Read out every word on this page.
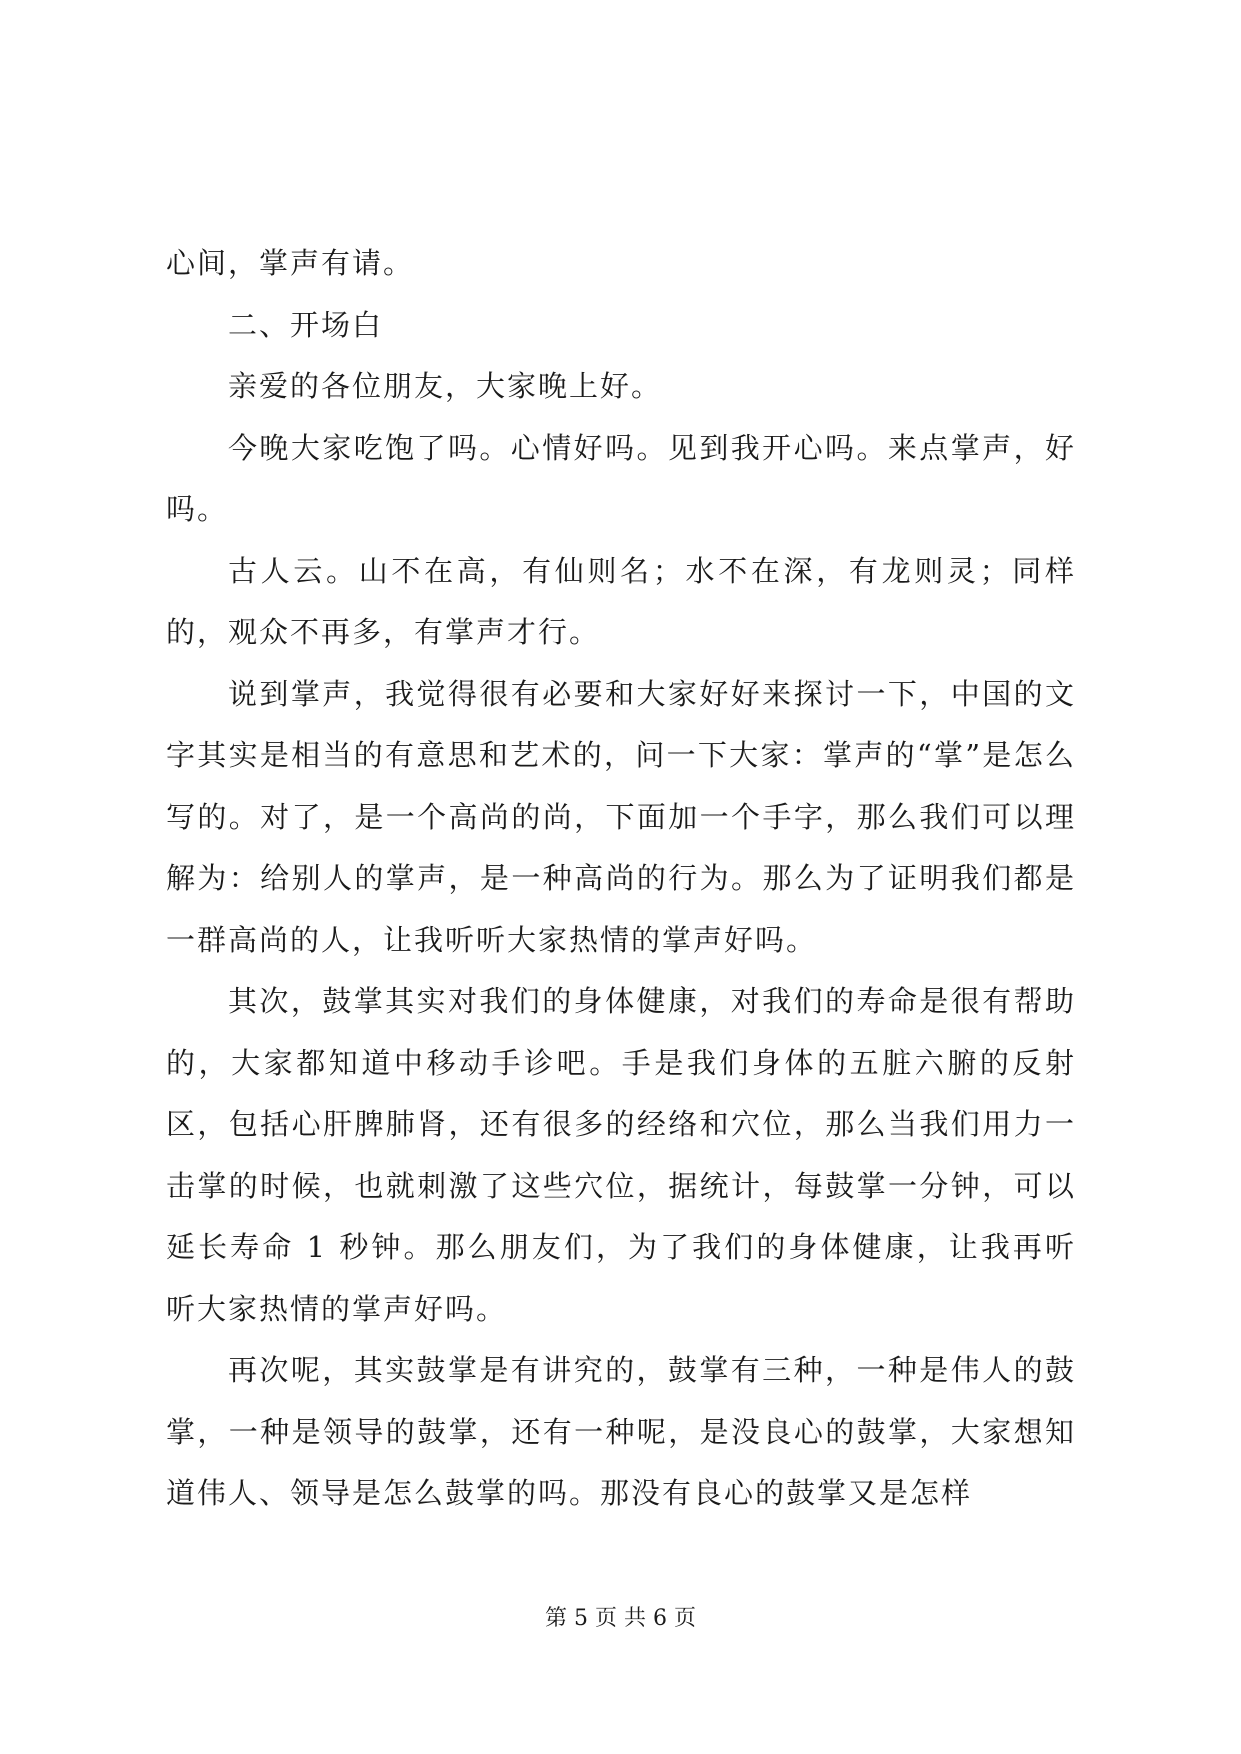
心间，掌声有请。

二、开场白

亲爱的各位朋友，大家晚上好。

今晚大家吃饱了吗。心情好吗。见到我开心吗。来点掌声，好吗。

古人云。山不在高，有仙则名；水不在深，有龙则灵；同样的，观众不再多，有掌声才行。

说到掌声，我觉得很有必要和大家好好来探讨一下，中国的文字其实是相当的有意思和艺术的，问一下大家：掌声的“掌”是怎么写的。对了，是一个高尚的尚，下面加一个手字，那么我们可以理解为：给别人的掌声，是一种高尚的行为。那么为了证明我们都是一群高尚的人，让我听听大家热情的掌声好吗。

其次，鼓掌其实对我们的身体健康，对我们的寿命是很有帮助的，大家都知道中移动手诊吧。手是我们身体的五脏六腑的反射区，包括心肝脾肺肾，还有很多的经络和穴位，那么当我们用力一击掌的时候，也就刺激了这些穴位，据统计，每鼓掌一分钟，可以延长寿命 1 秒钟。那么朋友们，为了我们的身体健康，让我再听听大家热情的掌声好吗。

再次呢，其实鼓掌是有讲究的，鼓掌有三种，一种是伟人的鼓掌，一种是领导的鼓掌，还有一种呢，是没良心的鼓掌，大家想知道伟人、领导是怎么鼓掌的吗。那没有良心的鼓掌又是怎样

第 5 页 共 6 页
